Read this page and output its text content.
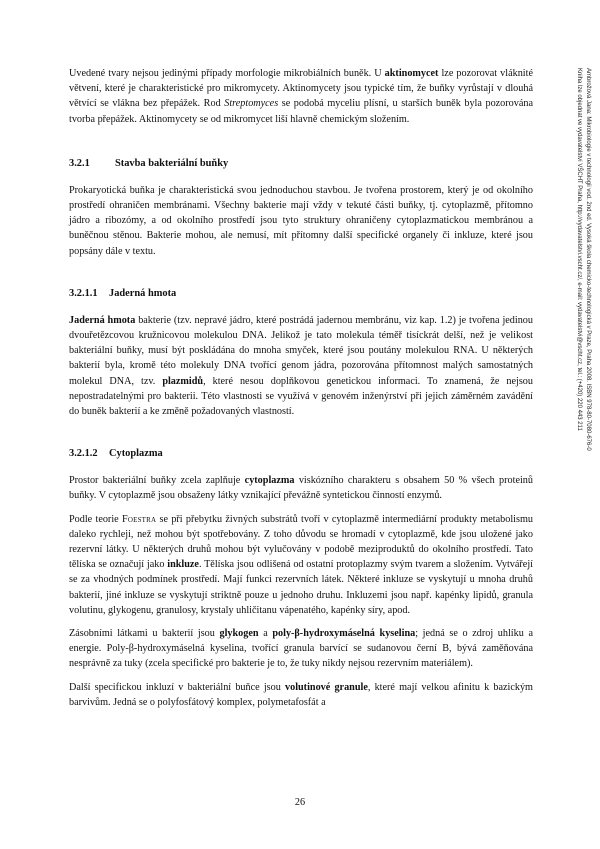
Ambrožová Jana: Mikrobiologie v technologii vod. 2nd ed. Vysoká škola chemicko-technologická v Praze, Praha 2008. ISBN 978-80-7080-676-0
Kniha lze objednat ve vydavatelství VŠCHT Praha, http://vydavatelstvi.vscht.cz/, e-mail: vydavatelstvi@vscht.cz, tel.: (+420) 220 443 211

Uvedené tvary nejsou jedinými případy morfologie mikrobiálních buněk. U aktinomycet lze pozorovat vláknité větvení, které je charakteristické pro mikromycety. Aktinomycety jsou typické tím, že buňky vyrůstají v dlouhá větvící se vlákna bez přepážek. Rod Streptomyces se podobá myceliu plísní, u starších buněk byla pozorována tvorba přepážek. Aktinomycety se od mikromycet liší hlavně chemickým složením.

3.2.1 Stavba bakteriální buňky

Prokaryotická buňka je charakteristická svou jednoduchou stavbou. Je tvořena prostorem, který je od okolního prostředí ohraničen membránami. Všechny bakterie mají vždy v tekuté části buňky, tj. cytoplazmě, přítomno jádro a ribozómy, a od okolního prostředí jsou tyto struktury ohraničeny cytoplazmatickou membránou a buněčnou stěnou. Bakterie mohou, ale nemusí, mít přítomny další specifické organely či inkluze, které jsou popsány dále v textu.

3.2.1.1 Jaderná hmota

Jaderná hmota bakterie (tzv. nepravé jádro, které postrádá jadernou membránu, viz kap. 1.2) je tvořena jedinou dvouřetězcovou kružnicovou molekulou DNA. Jelikož je tato molekula téměř tisíckrát delší, než je velikost bakteriální buňky, musí být poskládána do mnoha smyček, které jsou poutány molekulou RNA. U některých bakterií byla, kromě této molekuly DNA tvořící genom jádra, pozorována přítomnost malých samostatných molekul DNA, tzv. plazmidů, které nesou doplňkovou genetickou informaci. To znamená, že nejsou nepostradatelnými pro bakterii. Této vlastnosti se využívá v genovém inženýrství při jejich záměrném zavádění do buněk bakterií a ke změně požadovaných vlastností.

3.2.1.2 Cytoplazma

Prostor bakteriální buňky zcela zaplňuje cytoplazma viskózního charakteru s obsahem 50 % všech proteinů buňky. V cytoplazmě jsou obsaženy látky vznikající převážně syntetickou činností enzymů.

Podle teorie Foestra se při přebytku živných substrátů tvoří v cytoplazmě intermediární produkty metabolismu daleko rychleji, než mohou být spotřebovány. Z toho důvodu se hromadí v cytoplazmě, kde jsou uložené jako rezervní látky. U některých druhů mohou být vylučovány v podobě meziproduktů do okolního prostředí. Tato tělíska se označují jako inkluze. Tělíska jsou odlišená od ostatní protoplazmy svým tvarem a složením. Vytvářejí se za vhodných podmínek prostředí. Mají funkci rezervních látek. Některé inkluze se vyskytují u mnoha druhů bakterií, jiné inkluze se vyskytují striktně pouze u jednoho druhu. Inkluzemi jsou např. kapénky lipidů, granula volutinu, glykogenu, granulosy, krystaly uhličitanu vápenatého, kapénky síry, apod.

Zásobními látkami u bakterií jsou glykogen a poly-β-hydroxymáselná kyselina; jedná se o zdroj uhlíku a energie. Poly-β-hydroxymáselná kyselina, tvořící granula barvící se sudanovou černí B, bývá zaměňována nesprávně za tuky (zcela specifické pro bakterie je to, že tuky nikdy nejsou rezervním materiálem).

Další specifickou inkluzí v bakteriální buňce jsou volutinové granule, které mají velkou afinitu k bazickým barvivům. Jedná se o polyfosfátový komplex, polymetafosfát a

26
